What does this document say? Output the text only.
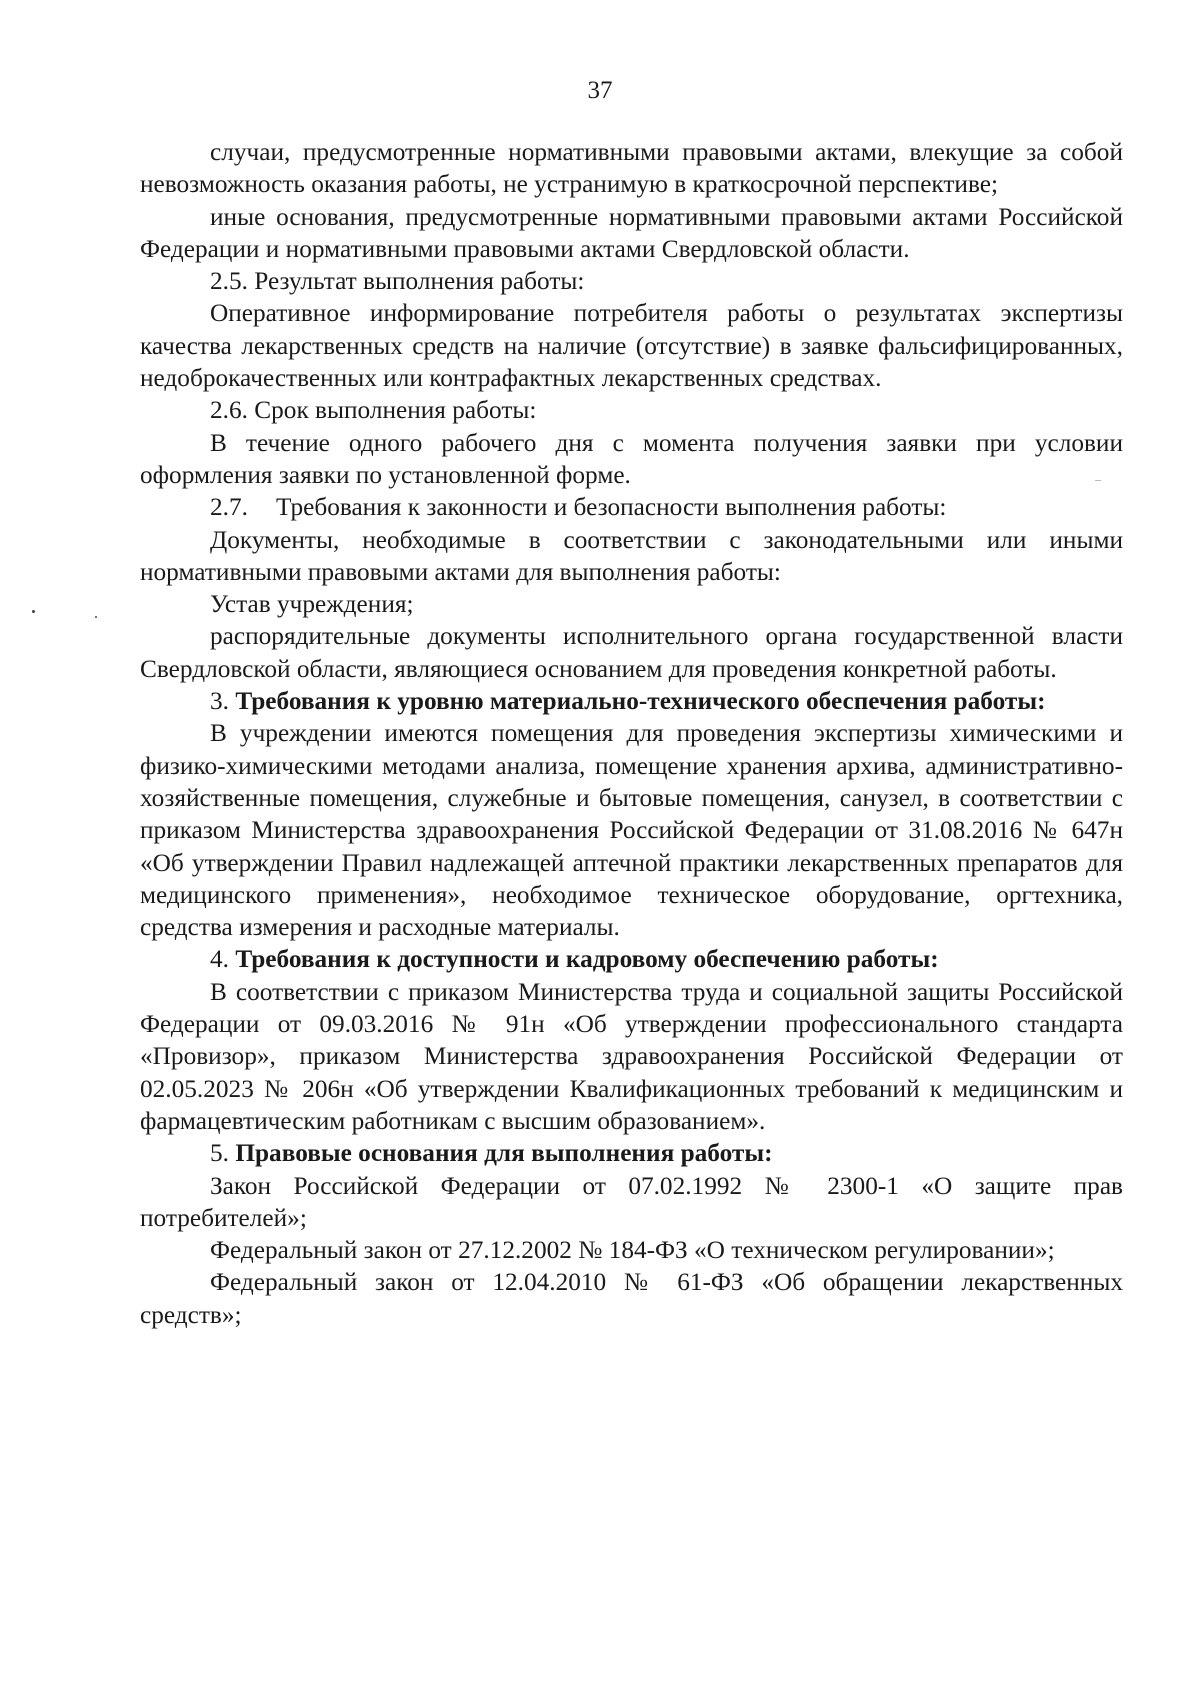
37

случаи, предусмотренные нормативными правовыми актами, влекущие за собой невозможность оказания работы, не устранимую в краткосрочной перспективе;

иные основания, предусмотренные нормативными правовыми актами Российской Федерации и нормативными правовыми актами Свердловской области.

2.5. Результат выполнения работы:

Оперативное информирование потребителя работы о результатах экспертизы качества лекарственных средств на наличие (отсутствие) в заявке фальсифицированных, недоброкачественных или контрафактных лекарственных средствах.

2.6. Срок выполнения работы:

В течение одного рабочего дня с момента получения заявки при условии оформления заявки по установленной форме.

2.7. Требования к законности и безопасности выполнения работы:

Документы, необходимые в соответствии с законодательными или иными нормативными правовыми актами для выполнения работы:

Устав учреждения;

распорядительные документы исполнительного органа государственной власти Свердловской области, являющиеся основанием для проведения конкретной работы.

3. Требования к уровню материально-технического обеспечения работы:

В учреждении имеются помещения для проведения экспертизы химическими и физико-химическими методами анализа, помещение хранения архива, административно-хозяйственные помещения, служебные и бытовые помещения, санузел, в соответствии с приказом Министерства здравоохранения Российской Федерации от 31.08.2016 № 647н «Об утверждении Правил надлежащей аптечной практики лекарственных препаратов для медицинского применения», необходимое техническое оборудование, оргтехника, средства измерения и расходные материалы.

4. Требования к доступности и кадровому обеспечению работы:

В соответствии с приказом Министерства труда и социальной защиты Российской Федерации от 09.03.2016 № 91н «Об утверждении профессионального стандарта «Провизор», приказом Министерства здравоохранения Российской Федерации от 02.05.2023 № 206н «Об утверждении Квалификационных требований к медицинским и фармацевтическим работникам с высшим образованием».

5. Правовые основания для выполнения работы:

Закон Российской Федерации от 07.02.1992 № 2300-1 «О защите прав потребителей»;

Федеральный закон от 27.12.2002 № 184-ФЗ «О техническом регулировании»;

Федеральный закон от 12.04.2010 № 61-ФЗ «Об обращении лекарственных средств»;
